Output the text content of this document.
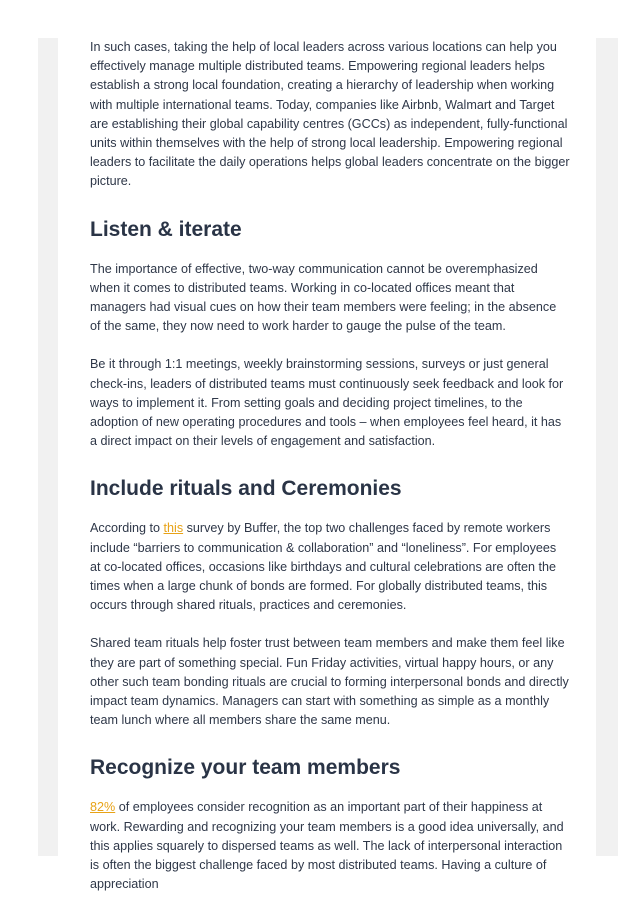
In such cases, taking the help of local leaders across various locations can help you effectively manage multiple distributed teams. Empowering regional leaders helps establish a strong local foundation, creating a hierarchy of leadership when working with multiple international teams. Today, companies like Airbnb, Walmart and Target are establishing their global capability centres (GCCs) as independent, fully-functional units within themselves with the help of strong local leadership. Empowering regional leaders to facilitate the daily operations helps global leaders concentrate on the bigger picture.

Listen & iterate

The importance of effective, two-way communication cannot be overemphasized when it comes to distributed teams. Working in co-located offices meant that managers had visual cues on how their team members were feeling; in the absence of the same, they now need to work harder to gauge the pulse of the team.

Be it through 1:1 meetings, weekly brainstorming sessions, surveys or just general check-ins, leaders of distributed teams must continuously seek feedback and look for ways to implement it. From setting goals and deciding project timelines, to the adoption of new operating procedures and tools – when employees feel heard, it has a direct impact on their levels of engagement and satisfaction.

Include rituals and Ceremonies

According to this survey by Buffer, the top two challenges faced by remote workers include “barriers to communication & collaboration” and “loneliness”. For employees at co-located offices, occasions like birthdays and cultural celebrations are often the times when a large chunk of bonds are formed. For globally distributed teams, this occurs through shared rituals, practices and ceremonies.

Shared team rituals help foster trust between team members and make them feel like they are part of something special. Fun Friday activities, virtual happy hours, or any other such team bonding rituals are crucial to forming interpersonal bonds and directly impact team dynamics. Managers can start with something as simple as a monthly team lunch where all members share the same menu.

Recognize your team members

82% of employees consider recognition as an important part of their happiness at work. Rewarding and recognizing your team members is a good idea universally, and this applies squarely to dispersed teams as well. The lack of interpersonal interaction is often the biggest challenge faced by most distributed teams. Having a culture of appreciation
